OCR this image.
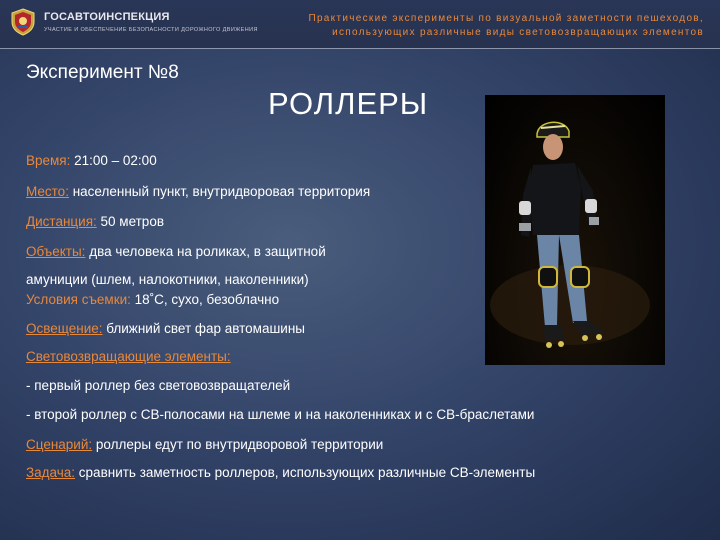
ГОСАВТОИНСПЕКЦИЯ
УЧАСТИЕ И ОБЕСПЕЧЕНИЕ БЕЗОПАСНОСТИ ДОРОЖНОГО ДВИЖЕНИЯ
Практические эксперименты по визуальной заметности пешеходов,
использующих различные виды световозвращающих элементов
Эксперимент №8
РОЛЛЕРЫ
Время: 21:00 – 02:00
Место: населенный пункт, внутридворовая территория
Дистанция: 50 метров
Объекты: два человека на роликах, в защитной
амуниции (шлем, налокотники, наколенники)
Условия съемки: 18˚С, сухо, безоблачно
Освещение: ближний свет фар автомашины
Световозвращающие элементы:
- первый роллер без световозвращателей
- второй роллер с СВ-полосами на шлеме и на наколенниках и с СВ-браслетами
Сценарий: роллеры едут по внутридворовой территории
Задача: сравнить заметность роллеров, использующих различные СВ-элементы
